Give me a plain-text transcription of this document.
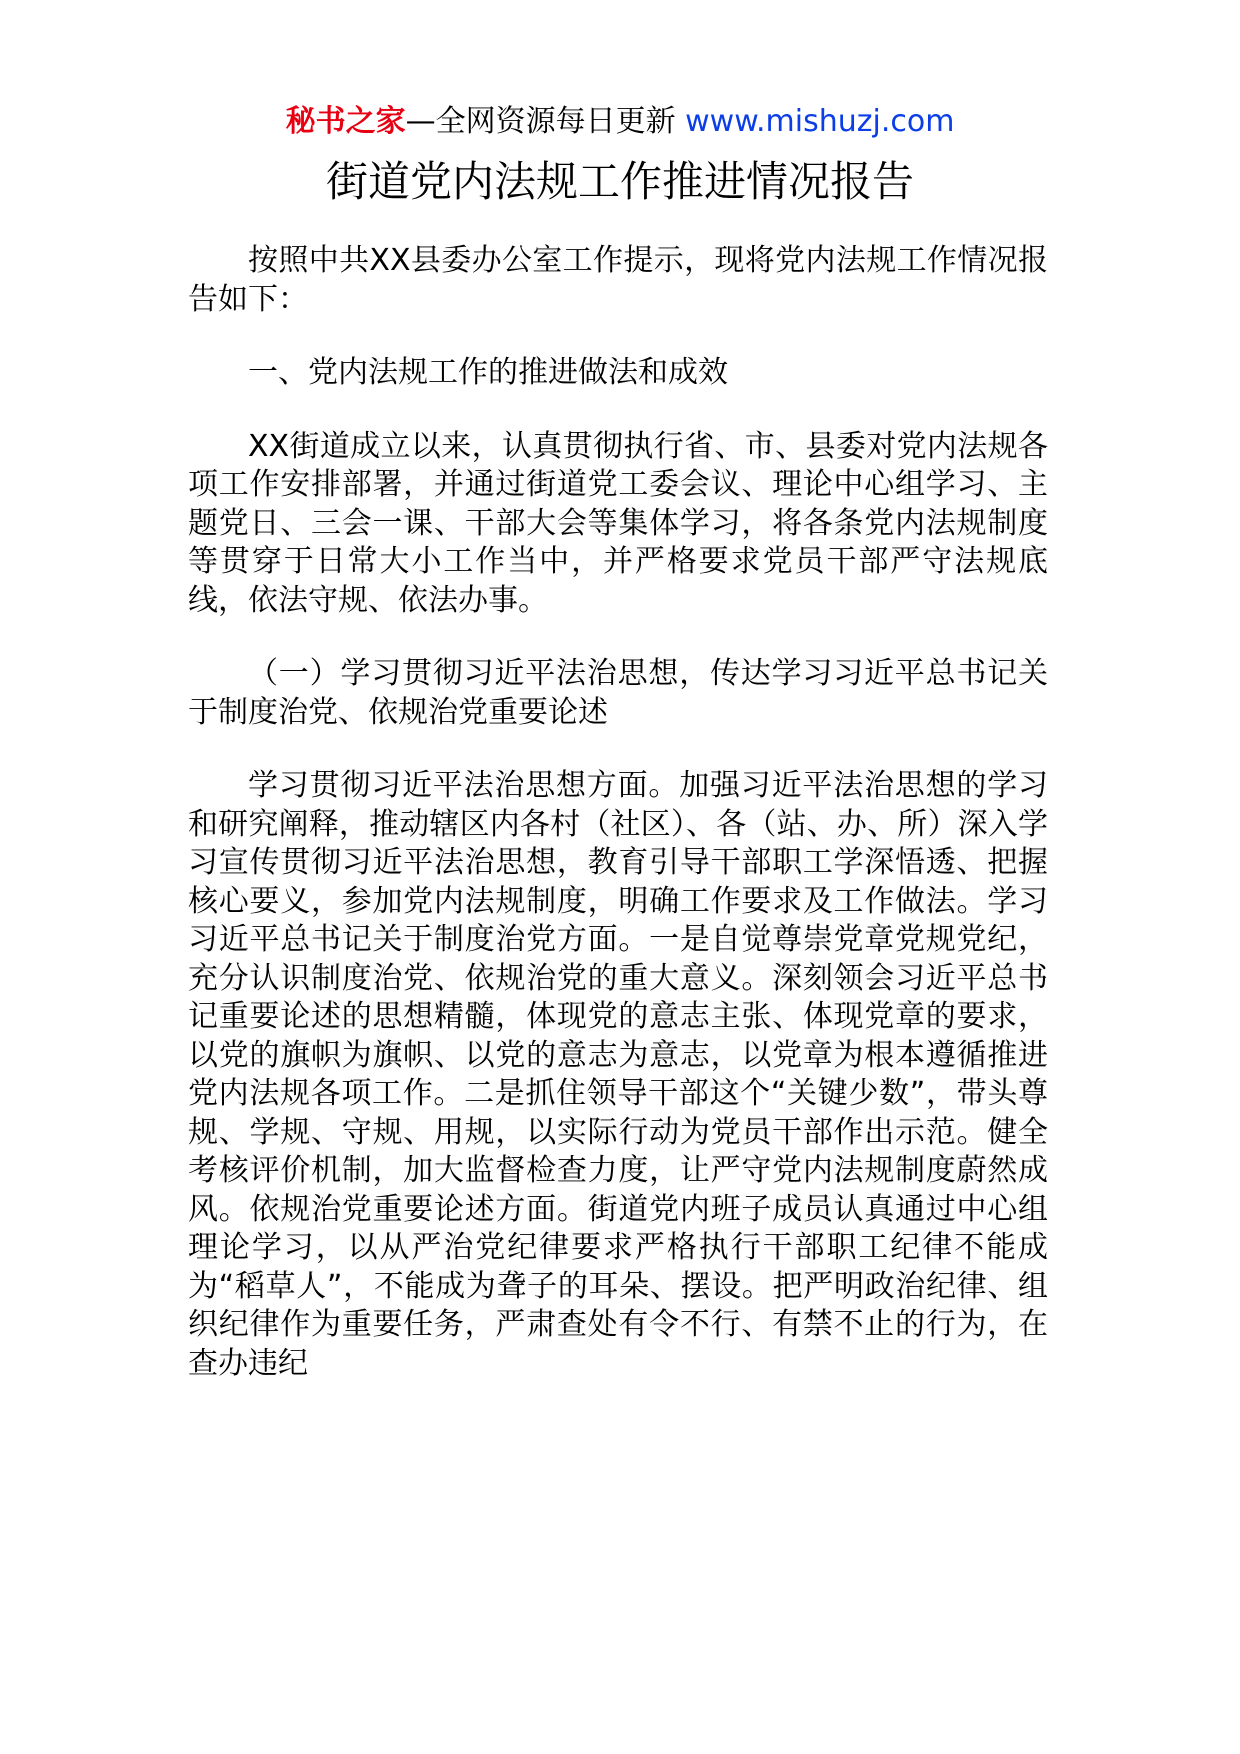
秘书之家—全网资源每日更新 www.mishuzj.com
街道党内法规工作推进情况报告

按照中共XX县委办公室工作提示，现将党内法规工作情况报告如下：

一、党内法规工作的推进做法和成效

XX街道成立以来，认真贯彻执行省、市、县委对党内法规各项工作安排部署，并通过街道党工委会议、理论中心组学习、主题党日、三会一课、干部大会等集体学习，将各条党内法规制度等贯穿于日常大小工作当中，并严格要求党员干部严守法规底线，依法守规、依法办事。

（一）学习贯彻习近平法治思想，传达学习习近平总书记关于制度治党、依规治党重要论述

学习贯彻习近平法治思想方面。加强习近平法治思想的学习和研究阐释，推动辖区内各村（社区）、各（站、办、所）深入学习宣传贯彻习近平法治思想，教育引导干部职工学深悟透、把握核心要义，参加党内法规制度，明确工作要求及工作做法。学习习近平总书记关于制度治党方面。一是自觉尊崇党章党规党纪，充分认识制度治党、依规治党的重大意义。深刻领会习近平总书记重要论述的思想精髓，体现党的意志主张、体现党章的要求，以党的旗帜为旗帜、以党的意志为意志，以党章为根本遵循推进党内法规各项工作。二是抓住领导干部这个“关键少数”，带头尊规、学规、守规、用规，以实际行动为党员干部作出示范。健全考核评价机制，加大监督检查力度，让严守党内法规制度蔚然成风。依规治党重要论述方面。街道党内班子成员认真通过中心组理论学习，以从严治党纪律要求严格执行干部职工纪律不能成为“稻草人”，不能成为聋子的耳朵、摆设。把严明政治纪律、组织纪律作为重要任务，严肃查处有令不行、有禁不止的行为，在查办违纪
